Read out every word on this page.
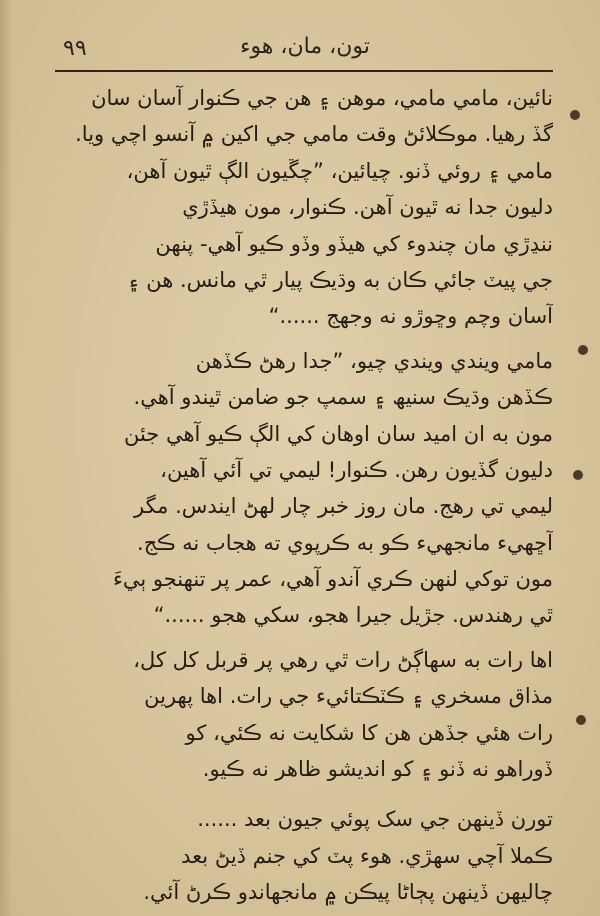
٩٩	تون، مان، ھوء

نائين، مامي مامي، موھن ۽ ھن جي ڪنوار آسان سان

گڏ رھيا. موڪلائڻ وقت مامي جي اکين ۾ آنسو اچي ويا.

مامي ۽ روئي ڏنو. چيائين، ”چڱيون الڳ ٿيون آھن،

دليون جدا نه ٿيون آھن. ڪنوار، مون ھيڏڙي

ننڍڙي مان چندوء کي ھيڏو وڏو ڪيو آھي- پنھن

جي پيٽ جائي ڪان به وڌيڪ پيار ٿي مانس. ھن ۽

آسان وچم وڇوڙو نه وجهج ......“

مامي ويندي ويندي چيو، ”جدا رھڻ ڪڏھن

ڪڏھن وڌيڪ سنيھ ۽ سمپ جو ضامن ٿيندو آھي.

مون به ان اميد سان اوھان کي الڳ ڪيو آھي جئن

دليون گڏيون رھن. ڪنوار! ليمي تي آئي آھين،

ليمي تي رھج. مان روز خبر چار لھڻ ايندس. مگر

آڇھيء مانجھيء ڪو به ڪرپوي ته ھجاب نه ڪج.

مون توکي لنھن ڪري آندو آھي، عمر پر تنھنجو ٻيءَ

ٿي رھندس. جڙيل جيرا ھجو، سکي ھجو ......“

اھا رات به سهاڳڻ رات ٿي رھي پر قربل کل کل،

مذاق مسخري ۽ ڪٽڪتائيء جي رات. اھا پھرين

رات ھئي جڏھن ھن کا شکايت نه ڪئي، کو

ڏوراھو نه ڏنو ۽ کو انديشو ظاھر نه ڪيو.

تورن ڏينھن جي سک پوئي جيون بعد ......

ڪملا آچي سهڙي. ھوء پٽ کي جنم ڏيڻ بعد

چاليھن ڏينھن پڄاڻا پيڪن ۾ مانجھاندو ڪرڻ آئي.
